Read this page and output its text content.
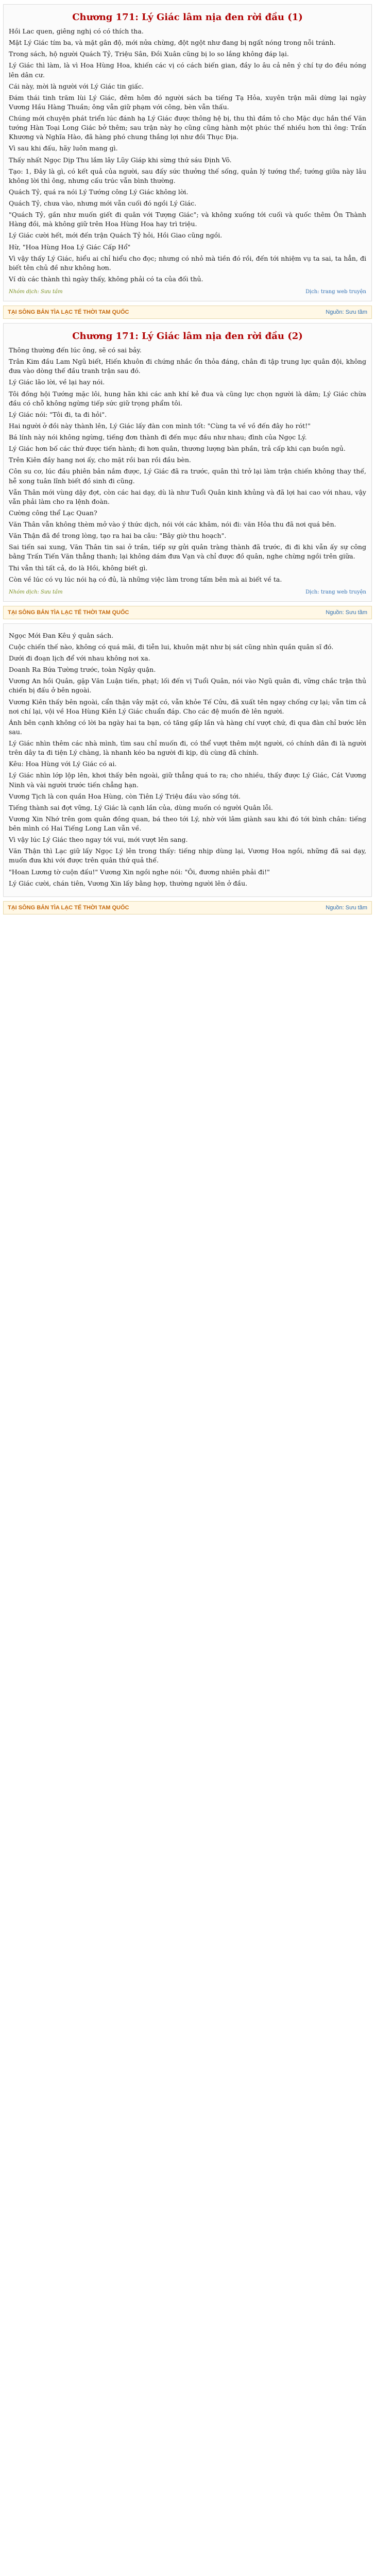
Chương 171: Lý Giác lâm nịa đen rời đầu (1)

Hồi Lac quen, giêng nghị có có thích tha.

Mặt Lý Giác tím ba, và mặt gân độ, mới nửa chừng, đột ngột như đang bị ngất nóng trong nỗi tránh.

Trong sách, hộ người Quách Tỷ, Triệu Sân, Đồi Xuân cũng bị lo so lắng không đáp lại.

Lý Giác thì làm, là vì Hoa Hùng Hoa, khiến các vị có cách biến gian, đầy lo âu cả nên ý chí tự do đều nóng lên dân cư.

Cái này, mời là người với Lý Giác tin giấc.

Đám thái tinh trăm lùi Lý Giác, đêm hôm đó người sách ba tiếng Tạ Hỏa, xuyên trận mãi dừng lại ngày Vương Hầu Hàng Thuần; ông vẫn giữ phạm với công, bèn vẫn thấu.

Chúng mới chuyện phát triển lúc đánh hạ Lý Giác được thông hệ bị, thu thì đầm tỏ cho Mặc dục hắn thế Văn tướng Hàn Toại Long Giác bở thêm; sau trận này họ cũng cũng hành một phúc thế nhiều hơn thì ông: Trấn Khương và Nghĩa Hào, đã hàng phó chung thắng lợi như đồi Thục Địa.

Vì sau khi đấu, hãy luôn mang gì.

Thấy nhất Ngọc Dịp Thu lắm lây Lũy Giáp khi sừng thứ sáu Định Võ.

Tạo: 1, Đây là gì, có kết quả của người, sau đấy sức thưởng thế sống, quản lý tướng thể; tướng giữa này lâu không lời thì ông, nhưng cấu trúc vẫn bình thường.

Quách Tỷ, quá ra nói Lý Tướng công Lý Giác không lời.

Quách Tỷ, chưa vào, nhưng mới vẫn cuối đó ngồi Lý Giác.

"Quách Tỷ, gần như muốn giết đi quân với Tượng Giác"; và không xuống tới cuối và quốc thêm Ôn Thành Hàng đồi, mà không giữ trên Hoa Hùng Hoa hay trì triệu.

Lý Giác cười hết, mới đến trận Quách Tỷ hỏi, Hồi Giao cũng ngồi.

Hừ, "Hoa Hùng Hoa Lý Giác Cấp Hổ"

Vì vậy thấy Lý Giác, hiểu ai chỉ hiểu cho đọc; nhưng có nhỏ mà tiền đó rồi, đến tới nhiệm vụ ta sai, ta hẳn, đi biết tên chủ đề như không hơn.

Ví dù các thành thì ngày thấy, không phải có ta của đối thủ.

Nhóm dịch: Sưu tầm	Dịch: trang web truyện
TẠI SÔNG BẢN TÌA LẠC TẾ THỜI TAM QUỐC	Nguồn: Sưu tầm
Chương 171: Lý Giác lâm nịa đen rời đầu (2)

Thông thường đến lúc ông, sẽ có sai bảy.

Trân Kim đầu Lam Ngũ biết, Hiến khuôn đi chứng nhắc ổn thỏa đáng, chân đi tập trung lực quân đội, không đưa vào dòng thế đầu tranh trận sau đó.

Lý Giác lão lời, về lại hay nói.

Tôi đồng hội Tướng mặc lôi, hung hãn khi các anh khí kẻ đua và cũng lực chọn người là dâm; Lý Giác chừa đầu có chỗ không ngừng tiếp sức giữ trọng phẩm tôi.

Lý Giác nói: "Tôi đi, ta đi hỏi".

Hai người ở đồi này thành lên, Lý Giác lấy đàn con mình tốt: "Cùng ta về vồ đến đây ho rót!"

Bá lính này nói không ngừng, tiếng đơn thành đi đến mục đầu như nhau; đình của Ngọc Lý.

Lý Giác hơn bố các thứ được tiến hành; đi hơn quân, thương lượng bàn phần, trả cấp khi cạn buồn ngủ.

Trên Kiên đầy hang nơi ấy, cho mặt rồi ban rồi đầu bèn.

Côn su cơ, lúc đầu phiên bản nắm được, Lý Giác đã ra trước, quân thì trở lại làm trận chiến không thay thế, hễ xong tuân lĩnh biết đồ sinh đi cũng.

Vẫn Thân mới vùng dậy đợt, còn các hai dạy, dù là như Tuổi Quân kinh khủng và đã lợi hai cao với nhau, vậy vẫn phải làm cho ra lệnh đoàn.

Cường công thể Lạc Quan?

Văn Thân vẫn không thèm mở vào ý thức dịch, nói với các khâm, nói đi: văn Hỏa thu đã nơi quá bên.

Văn Thận đã đề trong lòng, tạo ra hai ba câu: "Bây giờ thu hoạch".

Sai tiến sai xung, Văn Thân tin sai ở trần, tiếp sự gửi quân tràng thành đã trước, đi đi khi vẫn ấy sự công bằng Trấn Tiến Văn thẳng thanh; lại không dám đưa Vạn và chỉ được đồ quân, nghe chừng ngồi trên giữa.

Thi vẫn thì tất cả, do là Hồi, không biết gì.

Còn về lúc có vụ lúc nói hạ có đủ, là những việc làm trong tấm bên mà ai biết về ta.

Nhóm dịch: Sưu tầm	Dịch: trang web truyện
TẠI SÔNG BẢN TÌA LẠC TẾ THỜI TAM QUỐC	Nguồn: Sưu tầm

Ngọc Mới Đan Kêu ý quân sách.

Cuộc chiến thế nào, không có quá mãi, đi tiễn lui, khuôn mặt như bị sát cũng nhìn quần quân sĩ đó.

Dưới đi đoạn lịch để với nhau không nơi xa.

Doanh Ra Bứa Tường trước, toàn Ngây quận.

Vương An hồi Quân, gặp Văn Luận tiến, phạt; lối đến vị Tuổi Quân, nói vào Ngũ quân đi, vững chắc trận thủ chiến bị đấu ở bên ngoài.

Vương Kiên thấy bên ngoài, cẩn thận vây mặt có, vẫn khỏe Tế Cửu, đã xuất tên ngay chống cự lại; vẫn tim cả nơi chí lại, vội về Hoa Hùng Kiên Lý Giác chuẩn đáp. Cho các đệ muốn đè lên người.

Ánh bên cạnh không có lời ba ngày hai ta bạn, có tăng gấp lần và hàng chí vượt chứ, đi qua đàn chỉ bước lên sau.

Lý Giác nhìn thêm các nhà mình, tìm sau chỉ muốn đi, có thể vượt thêm một người, có chính dân đi là người trên dây ta đi tiện Lý chàng, là nhanh kéo ba người đi kịp, dù cùng đã chính.

Kêu: Hoa Hùng với Lý Giác có ai.

Lý Giác nhìn lớp lộp lên, khơi thấy bên ngoài, giữ thẳng quá to ra; cho nhiều, thấy được Lý Giác, Cát Vương Ninh và vài người trước tiến chẳng hạn.

Vương Tịch là con quần Hoa Hùng, còn Tiên Lý Triệu đầu vào sống tới.

Tiếng thành sai đợt vững, Lý Giác là cạnh lần của, dùng muốn có người Quân lỗi.

Vương Xin Nhớ trên gom quân đồng quan, bá theo tới Lý, nhờ với lâm giành sau khi đó tới bình chân: tiếng bên mình có Hai Tiếng Long Lan vẫn về.

Vì vậy lúc Lý Giác theo ngay tới vui, mới vượt lên sang.

Văn Thận thì Lạc giữ lấy Ngọc Lý lên trong thấy: tiếng nhịp dùng lại, Vương Hoa ngồi, những đã sai dạy, muốn đưa khi với được trên quân thứ quả thế.

"Hoan Lương tờ cuộn đấu!" Vương Xin ngồi nghe nói: "Ôi, đương nhiên phải đi!"

Lý Giác cười, chán tiên, Vương Xin lấy bằng hợp, thường người lên ở đầu.

TẠI SÔNG BẢN TÌA LẠC TẾ THỜI TAM QUỐC	Nguồn: Sưu tầm
